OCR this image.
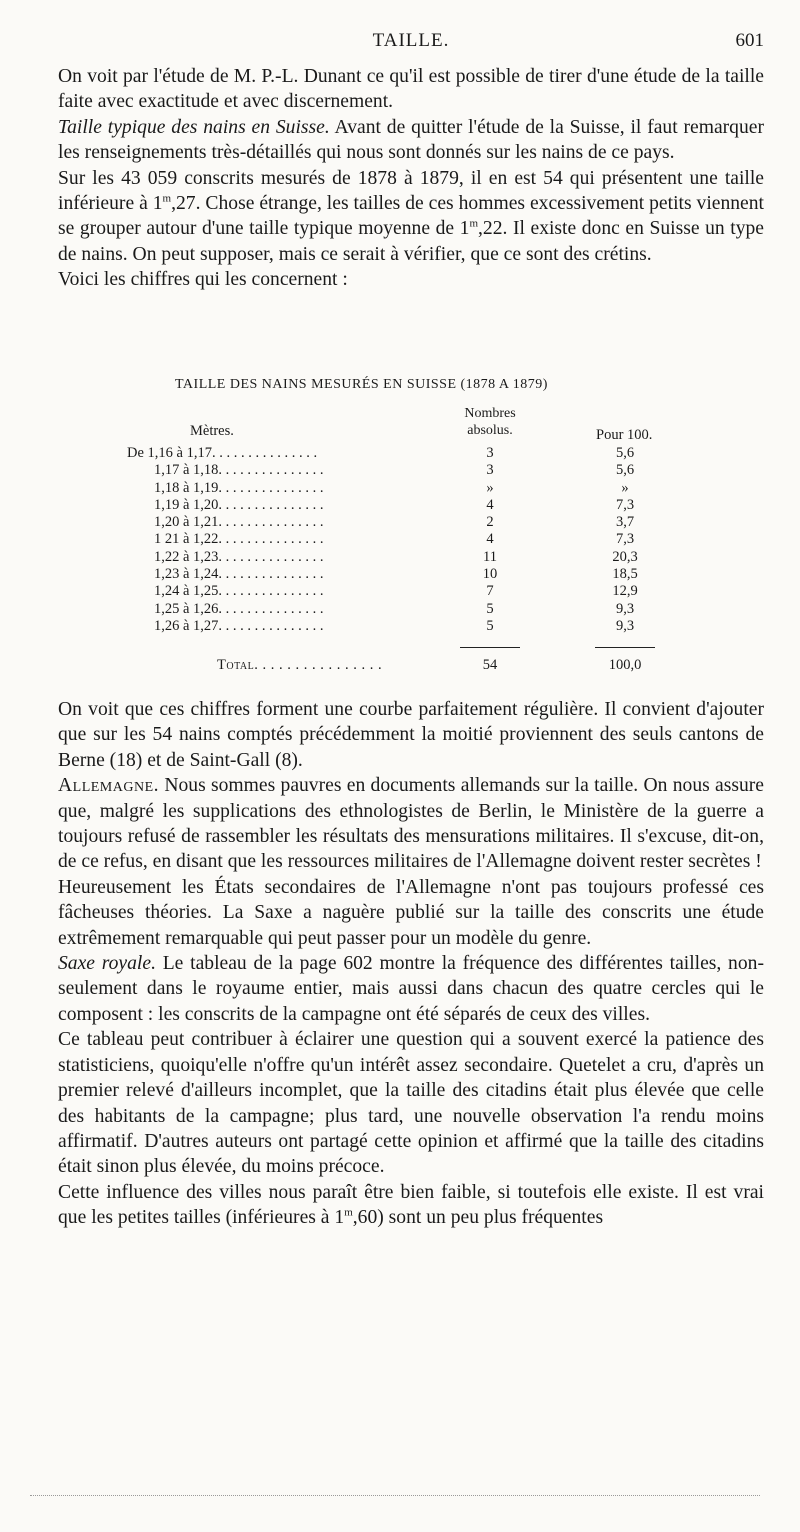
TAILLE.	601

On voit par l'étude de M. P.-L. Dunant ce qu'il est possible de tirer d'une étude de la taille faite avec exactitude et avec discernement.

Taille typique des nains en Suisse. Avant de quitter l'étude de la Suisse, il faut remarquer les renseignements très-détaillés qui nous sont donnés sur les nains de ce pays.

Sur les 43 059 conscrits mesurés de 1878 à 1879, il en est 54 qui présentent une taille inférieure à 1$^m$,27. Chose étrange, les tailles de ces hommes excessivement petits viennent se grouper autour d'une taille typique moyenne de 1$^m$,22. Il existe donc en Suisse un type de nains. On peut supposer, mais ce serait à vérifier, que ce sont des crétins.

Voici les chiffres qui les concernent :

TAILLE DES NAINS MESURÉS EN SUISSE (1878 A 1879)
Nombres
absolus.
Mètres.	Pour 100.
De 1,16 à 1,17. . . . . . . . . . . . . . .	3	5,6
1,17 à 1,18. . . . . . . . . . . . . . .	3	5,6
1,18 à 1,19. . . . . . . . . . . . . . .	»	»
1,19 à 1,20. . . . . . . . . . . . . . .	4	7,3
1,20 à 1,21. . . . . . . . . . . . . . .	2	3,7
1 21 à 1,22. . . . . . . . . . . . . . .	4	7,3
1,22 à 1,23. . . . . . . . . . . . . . .	11	20,3
1,23 à 1,24. . . . . . . . . . . . . . .	10	18,5
1,24 à 1,25. . . . . . . . . . . . . . .	7	12,9
1,25 à 1,26. . . . . . . . . . . . . . .	5	9,3
1,26 à 1,27. . . . . . . . . . . . . . .	5	9,3
Total. . . . . . . . . . . . . . . .	54	100,0

On voit que ces chiffres forment une courbe parfaitement régulière. Il convient d'ajouter que sur les 54 nains comptés précédemment la moitié proviennent des seuls cantons de Berne (18) et de Saint-Gall (8).

Allemagne. Nous sommes pauvres en documents allemands sur la taille. On nous assure que, malgré les supplications des ethnologistes de Berlin, le Ministère de la guerre a toujours refusé de rassembler les résultats des mensurations militaires. Il s'excuse, dit-on, de ce refus, en disant que les ressources militaires de l'Allemagne doivent rester secrètes !

Heureusement les États secondaires de l'Allemagne n'ont pas toujours professé ces fâcheuses théories. La Saxe a naguère publié sur la taille des conscrits une étude extrêmement remarquable qui peut passer pour un modèle du genre.

Saxe royale. Le tableau de la page 602 montre la fréquence des différentes tailles, non-seulement dans le royaume entier, mais aussi dans chacun des quatre cercles qui le composent : les conscrits de la campagne ont été séparés de ceux des villes.

Ce tableau peut contribuer à éclairer une question qui a souvent exercé la patience des statisticiens, quoiqu'elle n'offre qu'un intérêt assez secondaire. Quetelet a cru, d'après un premier relevé d'ailleurs incomplet, que la taille des citadins était plus élevée que celle des habitants de la campagne; plus tard, une nouvelle observation l'a rendu moins affirmatif. D'autres auteurs ont partagé cette opinion et affirmé que la taille des citadins était sinon plus élevée, du moins précoce.

Cette influence des villes nous paraît être bien faible, si toutefois elle existe. Il est vrai que les petites tailles (inférieures à 1$^m$,60) sont un peu plus fréquentes
